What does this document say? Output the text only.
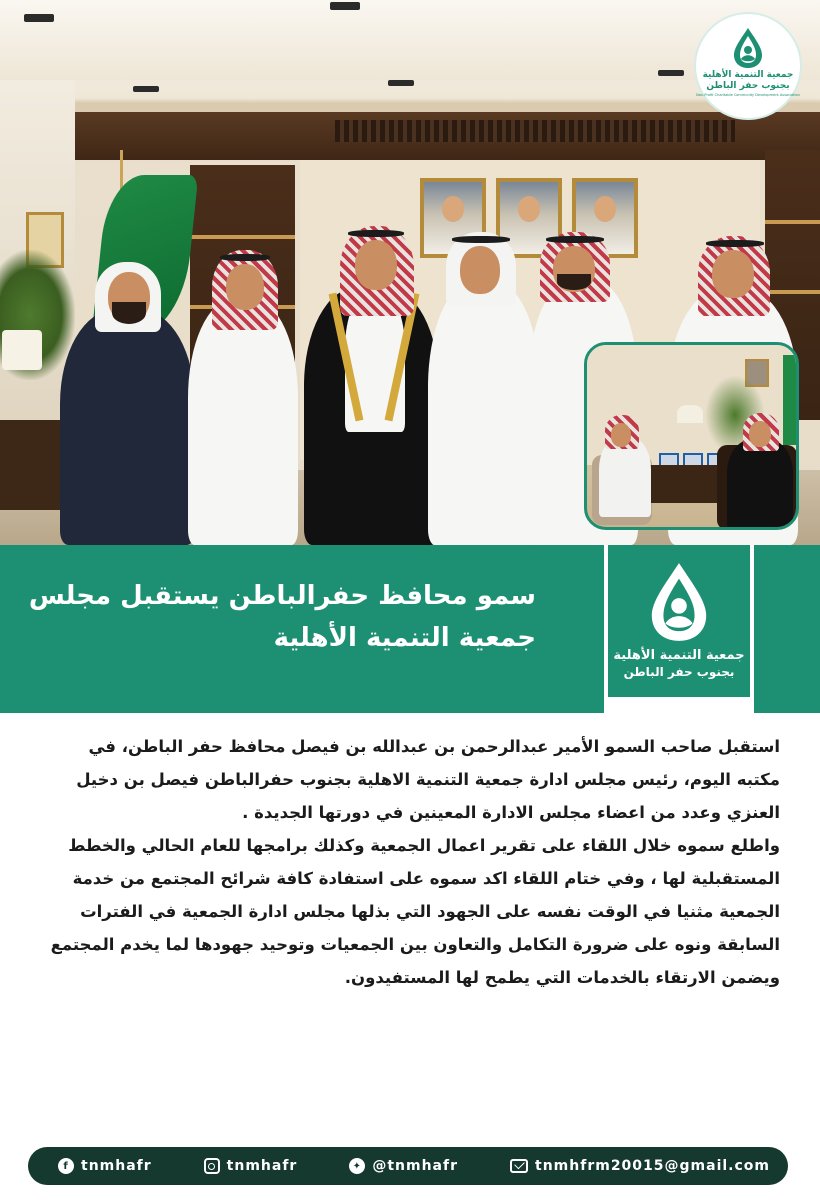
جمعية التنمية الأهلية
بجنوب حفر الباطن
Non-Profit Charitable Community Development Association
سمو محافظ حفرالباطن يستقبل مجلس
جمعية التنمية الأهلية
جمعية التنمية الأهلية
بجنوب حفر الباطن

استقبل صاحب السمو الأمير عبدالرحمن بن عبدالله بن فيصل محافظ حفر الباطن، في مكتبه اليوم، رئيس مجلس ادارة جمعية التنمية الاهلية بجنوب حفرالباطن فيصل بن دخيل العنزي وعدد من اعضاء مجلس الادارة المعينين في دورتها الجديدة .

واطلع سموه خلال اللقاء على تقرير اعمال الجمعية وكذلك برامجها للعام الحالي والخطط المستقبلية لها ، وفي ختام اللقاء اكد سموه على استفادة كافة شرائح المجتمع من خدمة الجمعية مثنيا في الوقت نفسه على الجهود التي بذلها مجلس ادارة الجمعية في الفترات السابقة ونوه على ضرورة التكامل والتعاون بين الجمعيات وتوحيد جهودها لما يخدم المجتمع ويضمن الارتقاء بالخدمات التي يطمح لها المستفيدون.

f tnmhafr	tnmhafr	✦ @tnmhafr	tnmhfrm20015@gmail.com
